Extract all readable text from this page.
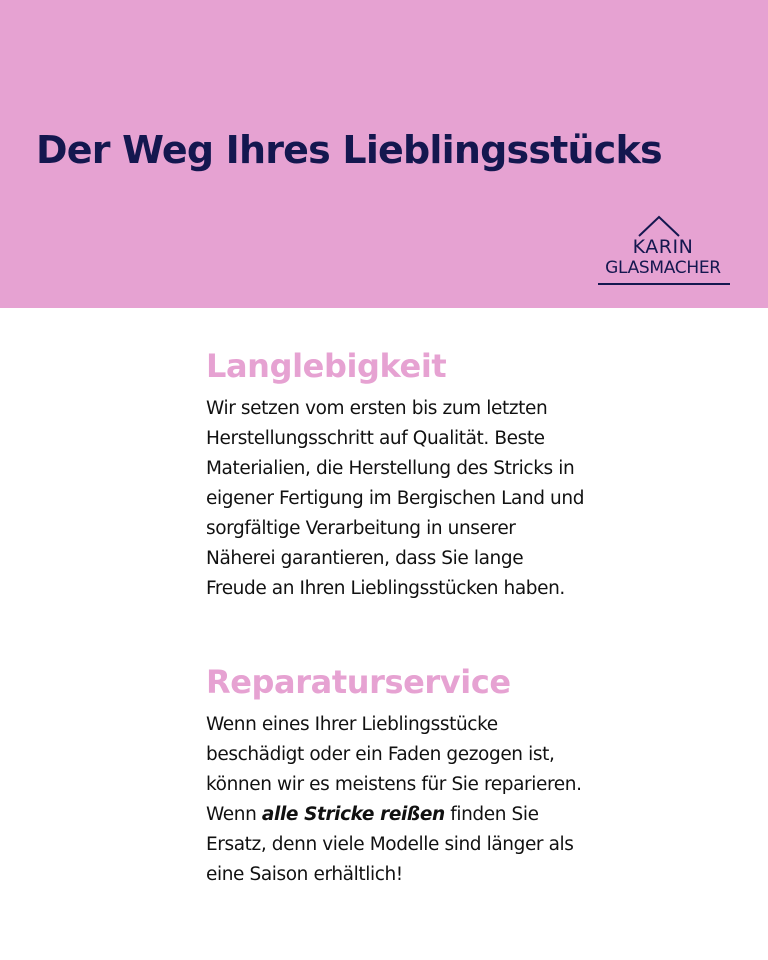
Der Weg Ihres Lieblingsstücks
KARIN
GLASMACHER
Langlebigkeit

Wir setzen vom ersten bis zum letzten Herstellungsschritt auf Qualität. Beste Materialien, die Herstellung des Stricks in eigener Fertigung im Bergischen Land und sorgfältige Verarbeitung in unserer Näherei garantieren, dass Sie lange Freude an Ihren Lieblingsstücken haben.

Reparaturservice

Wenn eines Ihrer Lieblingsstücke beschädigt oder ein Faden gezogen ist, können wir es meistens für Sie reparieren. Wenn alle Stricke reißen finden Sie Ersatz, denn viele Modelle sind länger als eine Saison erhältlich!
